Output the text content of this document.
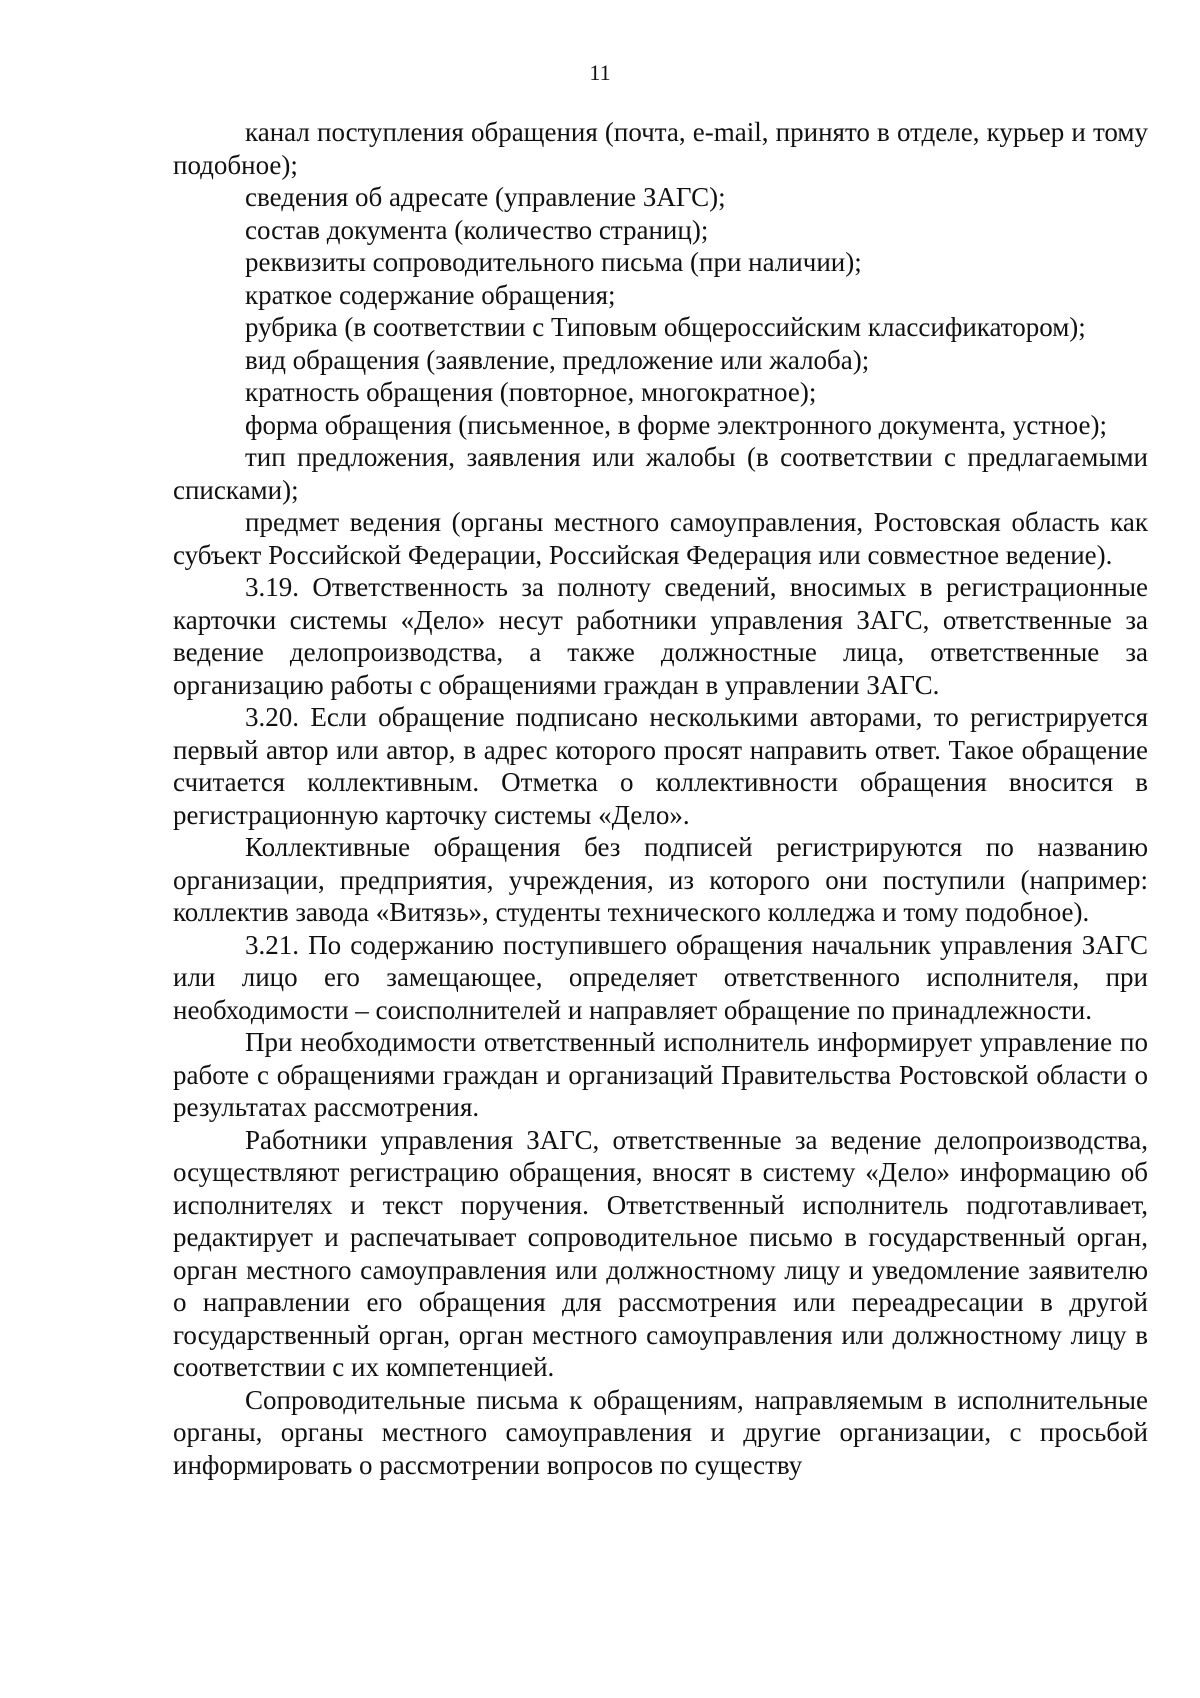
11

канал поступления обращения (почта, e-mail, принято в отделе, курьер и тому подобное);

сведения об адресате (управление ЗАГС);

состав документа (количество страниц);

реквизиты сопроводительного письма (при наличии);

краткое содержание обращения;

рубрика (в соответствии с Типовым общероссийским классификатором);

вид обращения (заявление, предложение или жалоба);

кратность обращения (повторное, многократное);

форма обращения (письменное, в форме электронного документа, устное);

тип предложения, заявления или жалобы (в соответствии с предлагаемыми списками);

предмет ведения (органы местного самоуправления, Ростовская область как субъект Российской Федерации, Российская Федерация или совместное ведение).

3.19. Ответственность за полноту сведений, вносимых в регистрационные карточки системы «Дело» несут работники управления ЗАГС, ответственные за ведение делопроизводства, а также должностные лица, ответственные за организацию работы с обращениями граждан в управлении ЗАГС.

3.20. Если обращение подписано несколькими авторами, то регистрируется первый автор или автор, в адрес которого просят направить ответ. Такое обращение считается коллективным. Отметка о коллективности обращения вносится в регистрационную карточку системы «Дело».

Коллективные обращения без подписей регистрируются по названию организации, предприятия, учреждения, из которого они поступили (например: коллектив завода «Витязь», студенты технического колледжа и тому подобное).

3.21. По содержанию поступившего обращения начальник управления ЗАГС или лицо его замещающее, определяет ответственного исполнителя, при необходимости – соисполнителей и направляет обращение по принадлежности.

При необходимости ответственный исполнитель информирует управление по работе с обращениями граждан и организаций Правительства Ростовской области о результатах рассмотрения.

Работники управления ЗАГС, ответственные за ведение делопроизводства, осуществляют регистрацию обращения, вносят в систему «Дело» информацию об исполнителях и текст поручения. Ответственный исполнитель подготавливает, редактирует и распечатывает сопроводительное письмо в государственный орган, орган местного самоуправления или должностному лицу и уведомление заявителю о направлении его обращения для рассмотрения или переадресации в другой государственный орган, орган местного самоуправления или должностному лицу в соответствии с их компетенцией.

Сопроводительные письма к обращениям, направляемым в исполнительные органы, органы местного самоуправления и другие организации, с просьбой информировать о рассмотрении вопросов по существу
